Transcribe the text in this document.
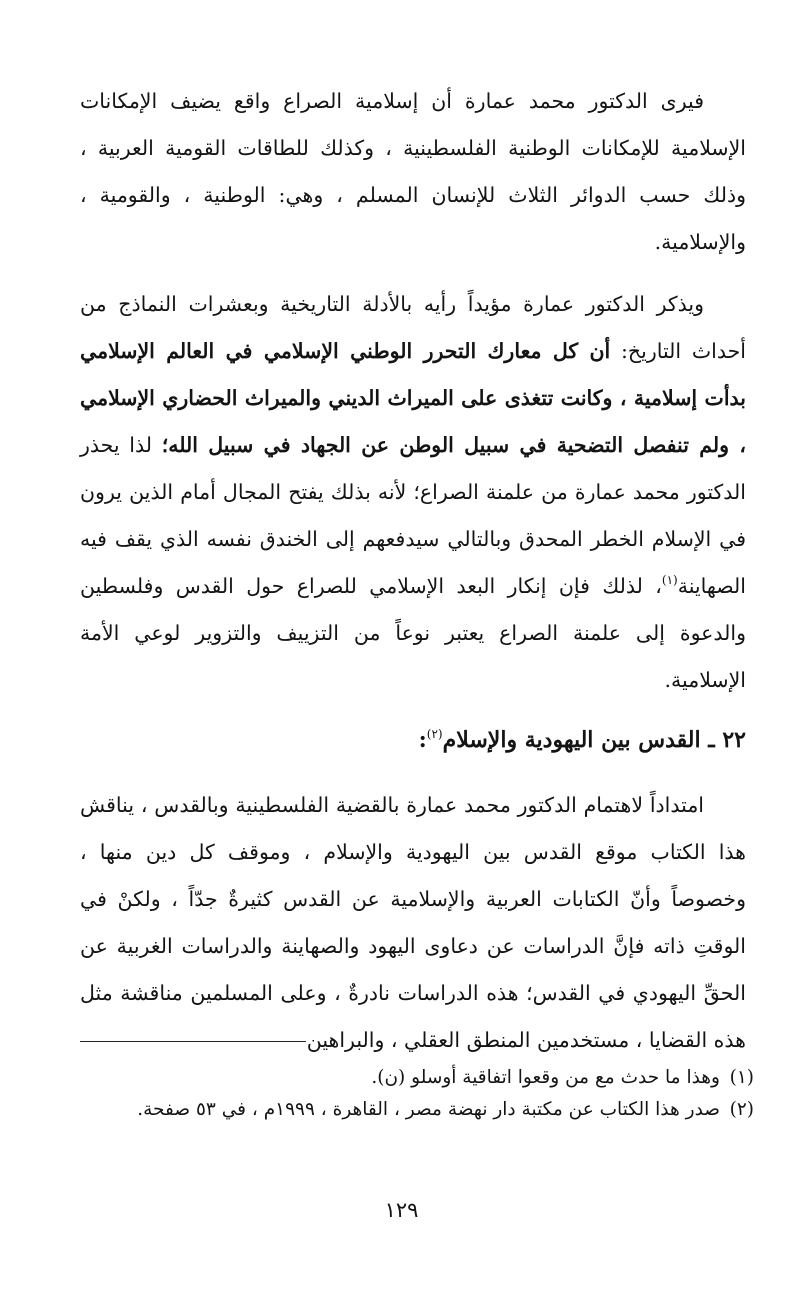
فيرى الدكتور محمد عمارة أن إسلامية الصراع واقع يضيف الإمكانات الإسلامية للإمكانات الوطنية الفلسطينية ، وكذلك للطاقات القومية العربية ، وذلك حسب الدوائر الثلاث للإنسان المسلم ، وهي: الوطنية ، والقومية ، والإسلامية.

ويذكر الدكتور عمارة مؤيداً رأيه بالأدلة التاريخية وبعشرات النماذج من أحداث التاريخ: أن كل معارك التحرر الوطني الإسلامي في العالم الإسلامي بدأت إسلامية ، وكانت تتغذى على الميراث الديني والميراث الحضاري الإسلامي ، ولم تنفصل التضحية في سبيل الوطن عن الجهاد في سبيل الله؛ لذا يحذر الدكتور محمد عمارة من علمنة الصراع؛ لأنه بذلك يفتح المجال أمام الذين يرون في الإسلام الخطر المحدق وبالتالي سيدفعهم إلى الخندق نفسه الذي يقف فيه الصهاينة$^{(١)}$، لذلك فإن إنكار البعد الإسلامي للصراع حول القدس وفلسطين والدعوة إلى علمنة الصراع يعتبر نوعاً من التزييف والتزوير لوعي الأمة الإسلامية.

٢٢ ـ القدس بين اليهودية والإسلام$^{(٢)}$:

امتداداً لاهتمام الدكتور محمد عمارة بالقضية الفلسطينية وبالقدس ، يناقش هذا الكتاب موقع القدس بين اليهودية والإسلام ، وموقف كل دين منها ، وخصوصاً وأنّ الكتابات العربية والإسلامية عن القدس كثيرةٌ جدّاً ، ولكنْ في الوقتِ ذاته فإنَّ الدراسات عن دعاوى اليهود والصهاينة والدراسات الغربية عن الحقِّ اليهودي في القدس؛ هذه الدراسات نادرةٌ ، وعلى المسلمين مناقشة مثل هذه القضايا ، مستخدمين المنطق العقلي ، والبراهين

(١)
وهذا ما حدث مع من وقعوا اتفاقية أوسلو (ن).
(٢)
صدر هذا الكتاب عن مكتبة دار نهضة مصر ، القاهرة ، ١٩٩٩م ، في ٥٣ صفحة.
١٢٩
